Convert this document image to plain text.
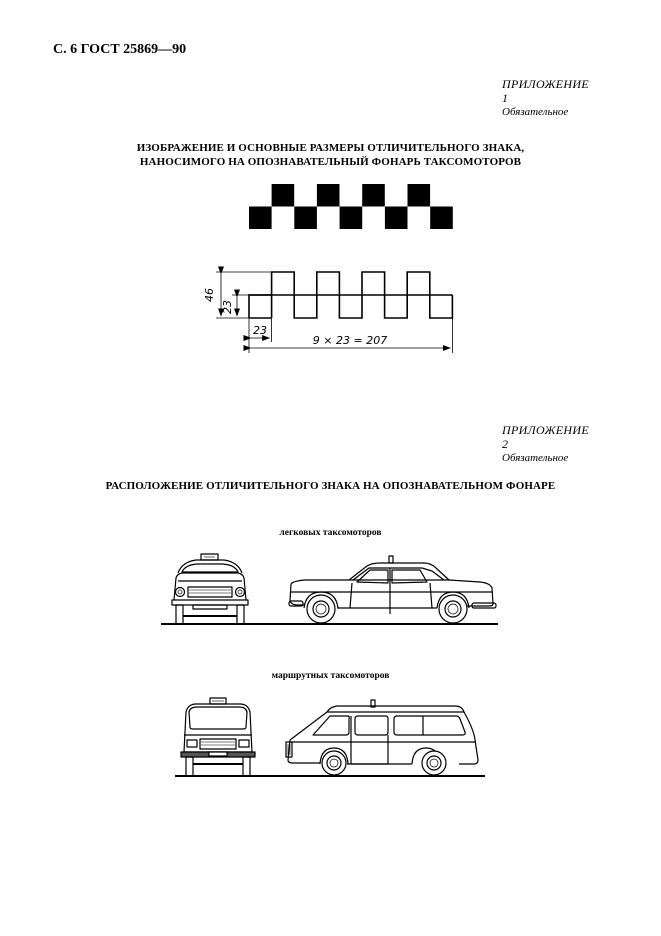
С. 6 ГОСТ 25869—90
ПРИЛОЖЕНИЕ 1
Обязательное
ИЗОБРАЖЕНИЕ И ОСНОВНЫЕ РАЗМЕРЫ ОТЛИЧИТЕЛЬНОГО ЗНАКА,
НАНОСИМОГО НА ОПОЗНАВАТЕЛЬНЫЙ ФОНАРЬ ТАКСОМОТОРОВ
46
23
23
9 × 23 = 207
ПРИЛОЖЕНИЕ 2
Обязательное
РАСПОЛОЖЕНИЕ ОТЛИЧИТЕЛЬНОГО ЗНАКА НА ОПОЗНАВАТЕЛЬНОМ ФОНАРЕ
легковых таксомоторов
маршрутных таксомоторов
